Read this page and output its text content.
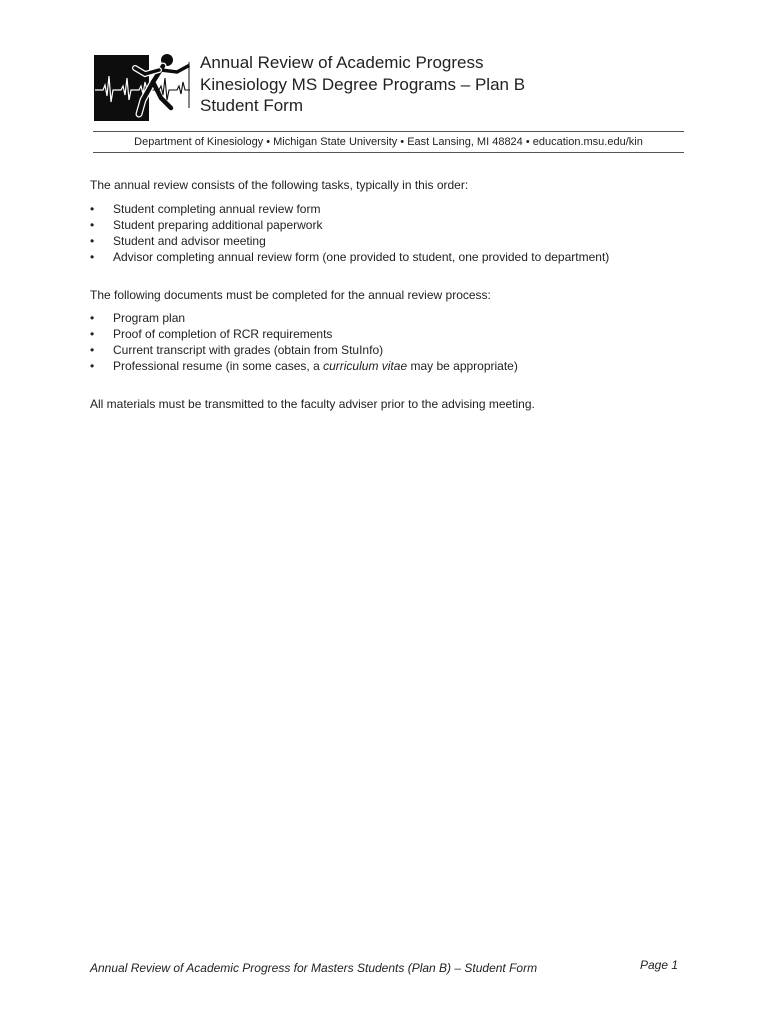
Annual Review of Academic Progress
Kinesiology MS Degree Programs – Plan B
Student Form
Department of Kinesiology • Michigan State University • East Lansing, MI 48824 • education.msu.edu/kin
The annual review consists of the following tasks, typically in this order:
• Student completing annual review form
• Student preparing additional paperwork
• Student and advisor meeting
• Advisor completing annual review form (one provided to student, one provided to department)
The following documents must be completed for the annual review process:
• Program plan
• Proof of completion of RCR requirements
• Current transcript with grades (obtain from StuInfo)
• Professional resume (in some cases, a curriculum vitae may be appropriate)
All materials must be transmitted to the faculty adviser prior to the advising meeting.
Annual Review of Academic Progress for Masters Students (Plan B) – Student Form	Page 1
